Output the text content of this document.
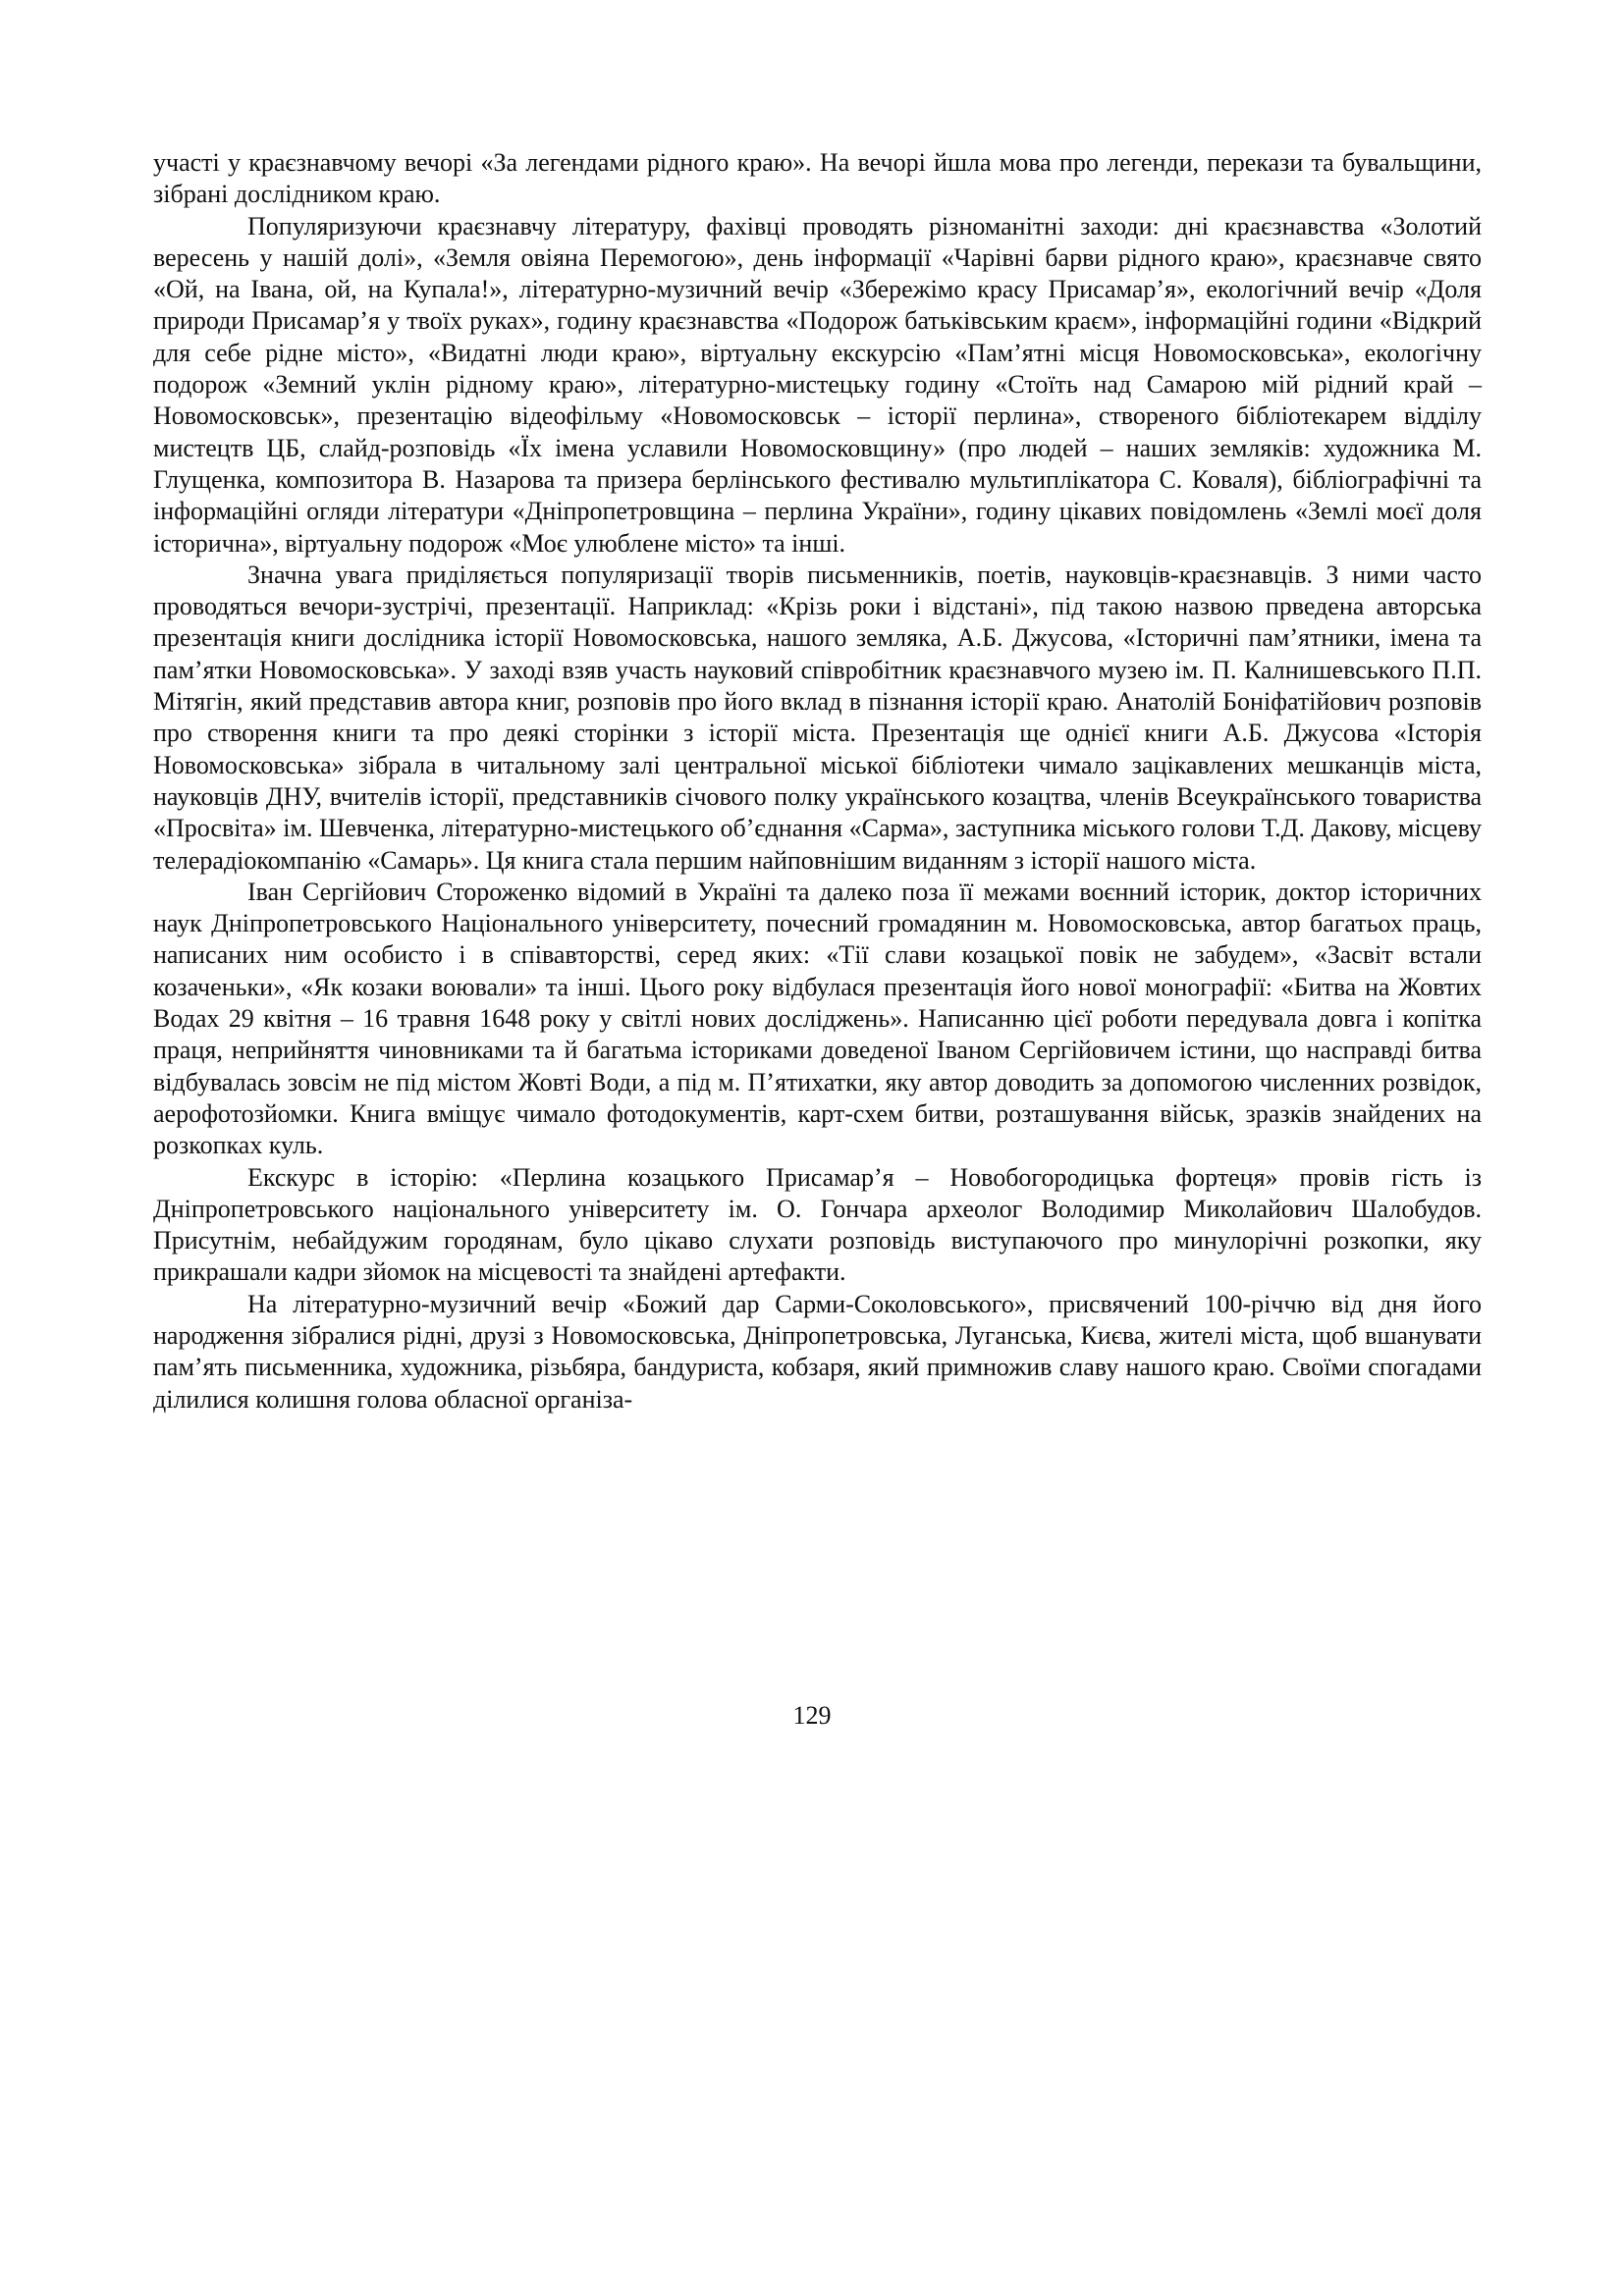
участі у краєзнавчому вечорі «За легендами рідного краю». На вечорі йшла мова про легенди, перекази та бувальщини, зібрані дослідником краю.

Популяризуючи краєзнавчу літературу, фахівці проводять різноманітні заходи: дні краєзнавства «Золотий вересень у нашій долі», «Земля овіяна Перемогою», день інформації «Чарівні барви рідного краю», краєзнавче свято «Ой, на Івана, ой, на Купала!», літературно-музичний вечір «Збережімо красу Присамар’я», екологічний вечір «Доля природи Присамар’я у твоїх руках», годину краєзнавства «Подорож батьківським краєм», інформаційні години «Відкрий для себе рідне місто», «Видатні люди краю», віртуальну екскурсію «Пам’ятні місця Новомосковська», екологічну подорож «Земний уклін рідному краю», літературно-мистецьку годину «Стоїть над Самарою мій рідний край – Новомосковськ», презентацію відеофільму «Новомосковськ – історії перлина», створеного бібліотекарем відділу мистецтв ЦБ, слайд-розповідь «Їх імена уславили Новомосковщину» (про людей – наших земляків: художника М. Глущенка, композитора В. Назарова та призера берлінського фестивалю мультиплікатора С. Коваля), бібліографічні та інформаційні огляди літератури «Дніпропетровщина – перлина України», годину цікавих повідомлень «Землі моєї доля історична», віртуальну подорож «Моє улюблене місто» та інші.

Значна увага приділяється популяризації творів письменників, поетів, науковців-краєзнавців. З ними часто проводяться вечори-зустрічі, презентації. Наприклад: «Крізь роки і відстані», під такою назвою пpведена авторська презентація книги дослідника історії Новомосковська, нашого земляка, А.Б. Джусова, «Історичні пам’ятники, імена та пам’ятки Новомосковська». У заході взяв участь науковий співробітник краєзнавчого музею ім. П. Калнишевського П.П. Мітягін, який представив автора книг, розповів про його вклад в пізнання історії краю. Анатолій Боніфатійович розповів про створення книги та про деякі сторінки з історії міста. Презентація ще однієї книги А.Б. Джусова «Історія Новомосковська» зібрала в читальному залі центральної міської бібліотеки чимало зацікавлених мешканців міста, науковців ДНУ, вчителів історії, представників січового полку українського козацтва, членів Всеукраїнського товариства «Просвіта» ім. Шевченка, літературно-мистецького об’єднання «Сарма», заступника міського голови Т.Д. Дакову, місцеву телерадіокомпанію «Самарь». Ця книга стала першим найповнішим виданням з історії нашого міста.

Іван Сергійович Стороженко відомий в Україні та далеко поза її межами воєнний історик, доктор історичних наук Дніпропетровського Національного університету, почесний громадянин м. Новомосковська, автор багатьох праць, написаних ним особисто і в співавторстві, серед яких: «Тії слави козацької повік не забудем», «Засвіт встали козаченьки», «Як козаки воювали» та інші. Цього року відбулася презентація його нової монографії: «Битва на Жовтих Водах 29 квітня – 16 травня 1648 року у світлі нових досліджень». Написанню цієї роботи передувала довга і копітка праця, неприйняття чиновниками та й багатьма істориками доведеної Іваном Сергійовичем істини, що насправді битва відбувалась зовсім не під містом Жовті Води, а під м. П’ятихатки, яку автор доводить за допомогою численних розвідок, аерофотозйомки. Книга вміщує чимало фотодокументів, карт-схем битви, розташування військ, зразків знайдених на розкопках куль.

Екскурс в історію: «Перлина козацького Присамар’я – Новобогородицька фортеця» провів гість із Дніпропетровського національного університету ім. О. Гончара археолог Володимир Миколайович Шалобудов. Присутнім, небайдужим городянам, було цікаво слухати розповідь виступаючого про минулорічні розкопки, яку прикрашали кадри зйомок на місцевості та знайдені артефакти.

На літературно-музичний вечір «Божий дар Сарми-Соколовського», присвячений 100-річчю від дня його народження зібралися рідні, друзі з Новомосковська, Дніпропетровська, Луганська, Києва, жителі міста, щоб вшанувати пам’ять письменника, художника, різьбяра, бандуриста, кобзаря, який примножив славу нашого краю. Своїми спогадами ділилися колишня голова обласної організа-

129
